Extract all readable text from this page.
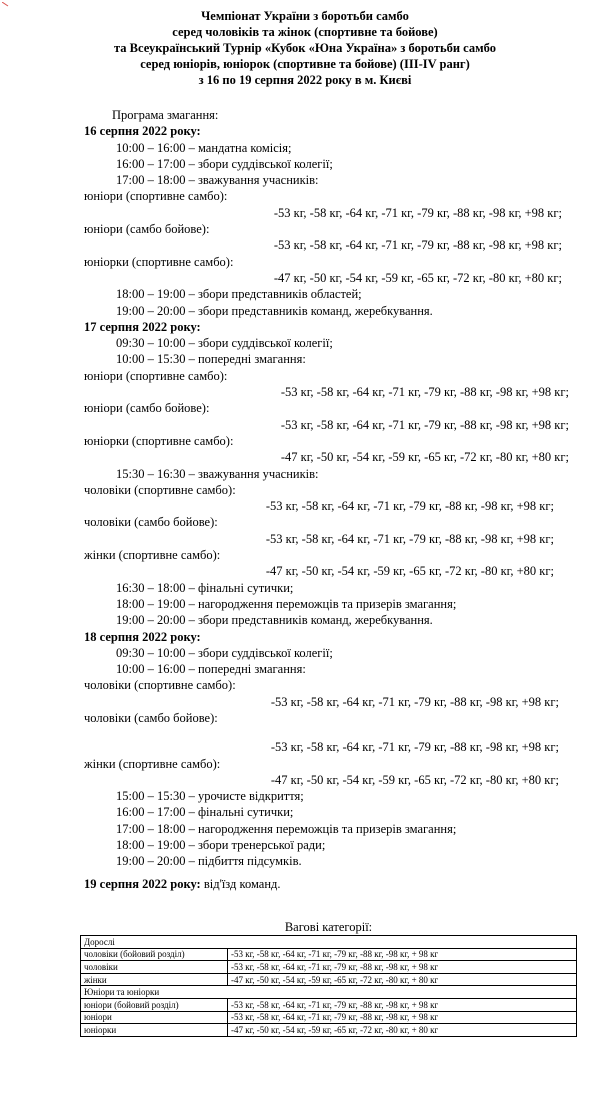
Чемпіонат України з боротьби самбо
серед чоловіків та жінок (спортивне та бойове)
та Всеукраїнський Турнір «Кубок «Юна Україна» з боротьби самбо
серед юніорів, юніорок (спортивне та бойове) (ІІІ-ІV ранг)
з 16 по 19 серпня 2022 року в м. Києві
Програма змагання:
16 серпня 2022 року:
10:00 – 16:00 – мандатна комісія;
16:00 – 17:00 – збори суддівської колегії;
17:00 – 18:00 – зважування учасників:
юніори (спортивне самбо):
-53 кг, -58 кг, -64 кг, -71 кг, -79 кг, -88 кг, -98 кг, +98 кг;
юніори (самбо бойове):
-53 кг, -58 кг, -64 кг, -71 кг, -79 кг, -88 кг, -98 кг, +98 кг;
юніорки (спортивне самбо):
-47 кг, -50 кг, -54 кг, -59 кг, -65 кг, -72 кг, -80 кг, +80 кг;
18:00 – 19:00 – збори представників областей;
19:00 – 20:00 – збори представників команд, жеребкування.
17 серпня 2022 року:
09:30 – 10:00 – збори суддівської колегії;
10:00 – 15:30 – попередні змагання:
юніори (спортивне самбо):
-53 кг, -58 кг, -64 кг, -71 кг, -79 кг, -88 кг, -98 кг, +98 кг;
юніори (самбо бойове):
-53 кг, -58 кг, -64 кг, -71 кг, -79 кг, -88 кг, -98 кг, +98 кг;
юніорки (спортивне самбо):
-47 кг, -50 кг, -54 кг, -59 кг, -65 кг, -72 кг, -80 кг, +80 кг;
15:30 – 16:30 – зважування учасників:
чоловіки (спортивне самбо):
-53 кг, -58 кг, -64 кг, -71 кг, -79 кг, -88 кг, -98 кг, +98 кг;
чоловіки (самбо бойове):
-53 кг, -58 кг, -64 кг, -71 кг, -79 кг, -88 кг, -98 кг, +98 кг;
жінки (спортивне самбо):
-47 кг, -50 кг, -54 кг, -59 кг, -65 кг, -72 кг, -80 кг, +80 кг;
16:30 – 18:00 – фінальні сутички;
18:00 – 19:00 – нагородження переможців та призерів змагання;
19:00 – 20:00 – збори представників команд, жеребкування.
18 серпня 2022 року:
09:30 – 10:00 – збори суддівської колегії;
10:00 – 16:00 – попередні змагання:
чоловіки (спортивне самбо):
-53 кг, -58 кг, -64 кг, -71 кг, -79 кг, -88 кг, -98 кг, +98 кг;
чоловіки (самбо бойове):
-53 кг, -58 кг, -64 кг, -71 кг, -79 кг, -88 кг, -98 кг, +98 кг;
жінки (спортивне самбо):
-47 кг, -50 кг, -54 кг, -59 кг, -65 кг, -72 кг, -80 кг, +80 кг;
15:00 – 15:30 – урочисте відкриття;
16:00 – 17:00 – фінальні сутички;
17:00 – 18:00 – нагородження переможців та призерів змагання;
18:00 – 19:00 – збори тренерської ради;
19:00 – 20:00 – підбиття підсумків.
19 серпня 2022 року: від'їзд команд.
Вагові категорії:
Дорослі	
чоловіки (бойовий розділ)	-53 кг, -58 кг, -64 кг, -71 кг, -79 кг, -88 кг, -98 кг, + 98 кг
чоловіки	-53 кг, -58 кг, -64 кг, -71 кг, -79 кг, -88 кг, -98 кг, + 98 кг
жінки	-47 кг, -50 кг, -54 кг, -59 кг, -65 кг, -72 кг, -80 кг, + 80 кг
Юніори та юніорки	
юніори (бойовий розділ)	-53 кг, -58 кг, -64 кг, -71 кг, -79 кг, -88 кг, -98 кг, + 98 кг
юніори	-53 кг, -58 кг, -64 кг, -71 кг, -79 кг, -88 кг, -98 кг, + 98 кг
юніорки	-47 кг, -50 кг, -54 кг, -59 кг, -65 кг, -72 кг, -80 кг, + 80 кг
